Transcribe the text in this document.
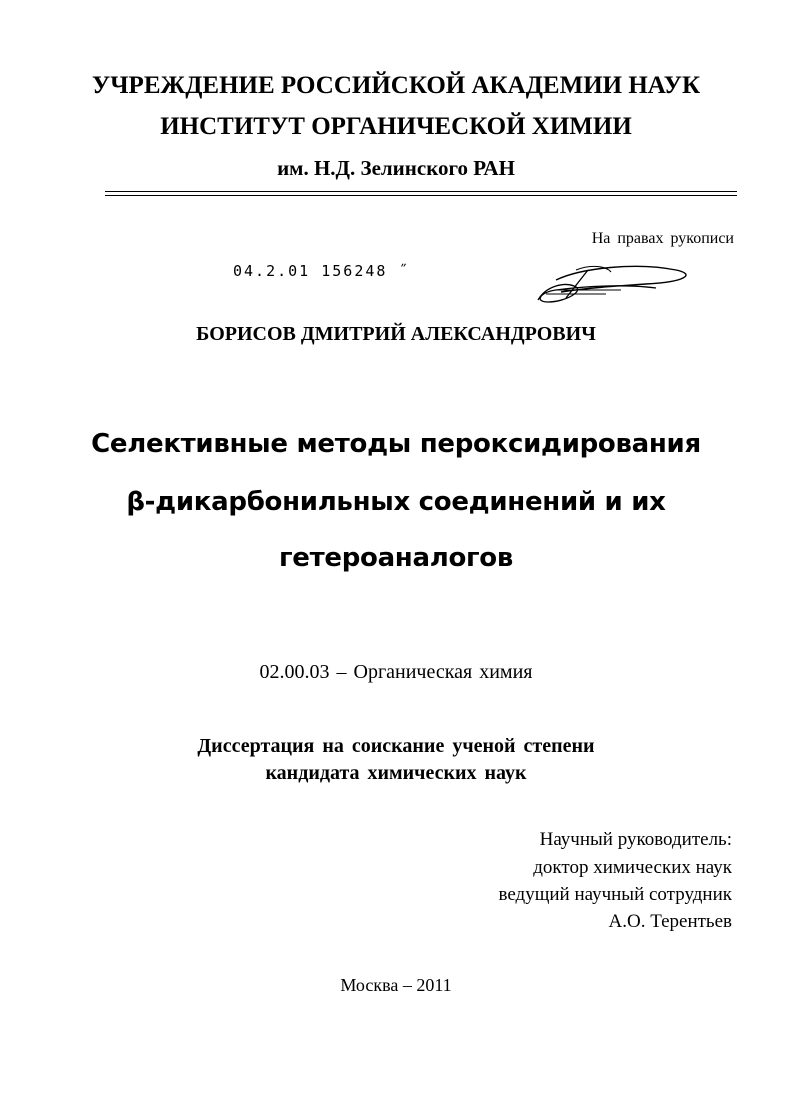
УЧРЕЖДЕНИЕ РОССИЙСКОЙ АКАДЕМИИ НАУК
ИНСТИТУТ ОРГАНИЧЕСКОЙ ХИМИИ
им. Н.Д. Зелинского РАН
На правах рукописи
04.2.01 156248 ˝
БОРИСОВ ДМИТРИЙ АЛЕКСАНДРОВИЧ
Селективные методы пероксидирования
β-дикарбонильных соединений и их
гетероаналогов
02.00.03 – Органическая химия
Диссертация на соискание ученой степени
кандидата химических наук
Научный руководитель:
доктор химических наук
ведущий научный сотрудник
А.О. Терентьев
Москва – 2011
